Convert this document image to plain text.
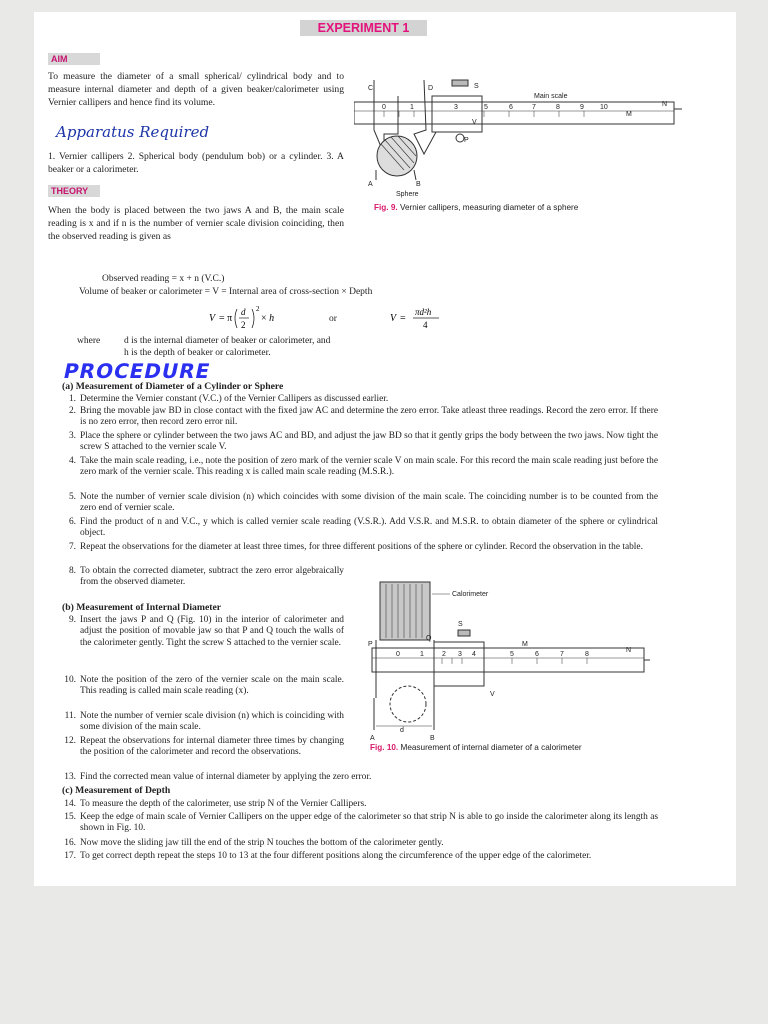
EXPERIMENT 1
AIM
To measure the diameter of a small spherical/ cylindrical body and to measure internal diameter and depth of a given beaker/calorimeter using Vernier callipers and hence find its volume.
Apparatus Required
1. Vernier callipers 2. Spherical body (pendulum bob) or a cylinder. 3. A beaker or a calorimeter.
THEORY
When the body is placed between the two jaws A and B, the main scale reading is x and if n is the number of vernier scale division coinciding, then the observed reading is given as
C	D	S
Main scale
N
M
V
P
A	B
Sphere
0	1	3	5	6	7	8	9 10
Fig. 9. Vernier callipers, measuring diameter of a sphere
Observed reading = x + n (V.C.)
Volume of beaker or calorimeter = V = Internal area of cross-section × Depth
V = π
d
2
2
× h	V =
πd²h
4
or
where	d is the internal diameter of beaker or calorimeter, and
h is the depth of beaker or calorimeter.
PROCEDURE
(a) Measurement of Diameter of a Cylinder or Sphere
1. Determine the Vernier constant (V.C.) of the Vernier Callipers as discussed earlier.
2. Bring the movable jaw BD in close contact with the fixed jaw AC and determine the zero error. Take atleast three readings. Record the zero error. If there is no zero error, then record zero error nil.
3. Place the sphere or cylinder between the two jaws AC and BD, and adjust the jaw BD so that it gently grips the body between the two jaws. Now tight the screw S attached to the vernier scale V.
4. Take the main scale reading, i.e., note the position of zero mark of the vernier scale V on main scale. For this record the main scale reading just before the zero mark of the vernier scale. This reading x is called main scale reading (M.S.R.).
5. Note the number of vernier scale division (n) which coincides with some division of the main scale. The coinciding number is to be counted from the zero end of vernier scale.
6. Find the product of n and V.C., y which is called vernier scale reading (V.S.R.). Add V.S.R. and M.S.R. to obtain diameter of the sphere or cylindrical object.
7. Repeat the observations for the diameter at least three times, for three different positions of the sphere or cylinder. Record the observation in the table.
8. To obtain the corrected diameter, subtract the zero error algebraically from the observed diameter.
(b) Measurement of Internal Diameter
9. Insert the jaws P and Q (Fig. 10) in the interior of calorimeter and adjust the position of movable jaw so that P and Q touch the walls of the calorimeter gently. Tight the screw S attached to the vernier scale.
10. Note the position of the zero of the vernier scale on the main scale. This reading is called main scale reading (x).
11. Note the number of vernier scale division (n) which is coinciding with some division of the main scale.
12. Repeat the observations for internal diameter three times by changing the position of the calorimeter and record the observations.
13. Find the corrected mean value of internal diameter by applying the zero error.
(c) Measurement of Depth
14. To measure the depth of the calorimeter, use strip N of the Vernier Callipers.
15. Keep the edge of main scale of Vernier Callipers on the upper edge of the calorimeter so that strip N is able to go inside the calorimeter along its length as shown in Fig. 10.
16. Now move the sliding jaw till the end of the strip N touches the bottom of the calorimeter gently.
17. To get correct depth repeat the steps 10 to 13 at the four different positions along the circumference of the upper edge of the calorimeter.
Calorimeter
S
Q
P	M
N
V
A	B
d
0	1	2 3 4	5	6	7	8
Fig. 10. Measurement of internal diameter of a calorimeter
